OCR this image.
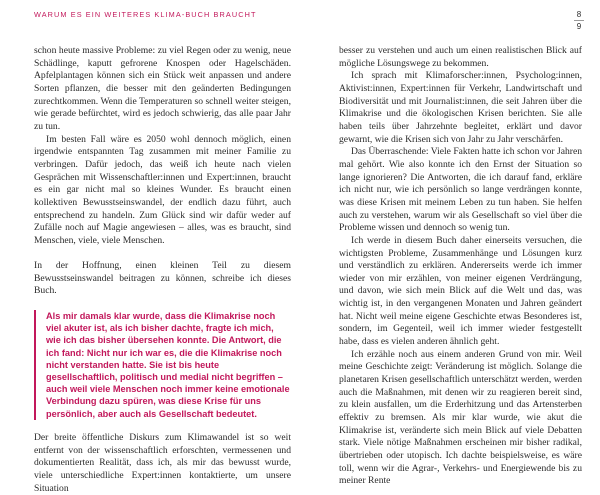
WARUM ES EIN WEITERES KLIMA-BUCH BRAUCHT	8
9

schon heute massive Probleme: zu viel Regen oder zu wenig, neue Schädlinge, kaputt gefrorene Knospen oder Hagelschäden. Apfelplantagen können sich ein Stück weit anpassen und andere Sorten pflanzen, die besser mit den geänderten Bedingungen zurechtkommen. Wenn die Temperaturen so schnell weiter steigen, wie gerade befürchtet, wird es jedoch schwierig, das alle paar Jahr zu tun.

Im besten Fall wäre es 2050 wohl dennoch möglich, einen irgendwie entspannten Tag zusammen mit meiner Familie zu verbringen. Dafür jedoch, das weiß ich heute nach vielen Gesprächen mit Wissenschaftler:innen und Expert:innen, braucht es ein gar nicht mal so kleines Wunder. Es braucht einen kollektiven Bewusstseinswandel, der endlich dazu führt, auch entsprechend zu handeln. Zum Glück sind wir dafür weder auf Zufälle noch auf Magie angewiesen – alles, was es braucht, sind Menschen, viele, viele Menschen.

In der Hoffnung, einen kleinen Teil zu diesem Bewusstseinswandel beitragen zu können, schreibe ich dieses Buch.

Als mir damals klar wurde, dass die Klimakrise noch viel akuter ist, als ich bisher dachte, fragte ich mich, wie ich das bisher übersehen konnte. Die Antwort, die ich fand: Nicht nur ich war es, die die Klimakrise noch nicht verstanden hatte. Sie ist bis heute gesellschaftlich, politisch und medial nicht begriffen – auch weil viele Menschen noch immer keine emotionale Verbindung dazu spüren, was diese Krise für uns persönlich, aber auch als Gesellschaft bedeutet.

Der breite öffentliche Diskurs zum Klimawandel ist so weit entfernt von der wissenschaftlich erforschten, vermessenen und dokumentierten Realität, dass ich, als mir das bewusst wurde, viele unterschiedliche Expert:innen kontaktierte, um unsere Situation

besser zu verstehen und auch um einen realistischen Blick auf mögliche Lösungswege zu bekommen.

Ich sprach mit Klimaforscher:innen, Psycholog:innen, Aktivist:innen, Expert:innen für Verkehr, Landwirtschaft und Biodiversität und mit Journalist:innen, die seit Jahren über die Klimakrise und die ökologischen Krisen berichten. Sie alle haben teils über Jahrzehnte begleitet, erklärt und davor gewarnt, wie die Krisen sich von Jahr zu Jahr verschärfen.

Das Überraschende: Viele Fakten hatte ich schon vor Jahren mal gehört. Wie also konnte ich den Ernst der Situation so lange ignorieren? Die Antworten, die ich darauf fand, erkläre ich nicht nur, wie ich persönlich so lange verdrängen konnte, was diese Krisen mit meinem Leben zu tun haben. Sie helfen auch zu verstehen, warum wir als Gesellschaft so viel über die Probleme wissen und dennoch so wenig tun.

Ich werde in diesem Buch daher einerseits versuchen, die wichtigsten Probleme, Zusammenhänge und Lösungen kurz und verständlich zu erklären. Andererseits werde ich immer wieder von mir erzählen, von meiner eigenen Verdrängung, und davon, wie sich mein Blick auf die Welt und das, was wichtig ist, in den vergangenen Monaten und Jahren geändert hat. Nicht weil meine eigene Geschichte etwas Besonderes ist, sondern, im Gegenteil, weil ich immer wieder festgestellt habe, dass es vielen anderen ähnlich geht.

Ich erzähle noch aus einem anderen Grund von mir. Weil meine Geschichte zeigt: Veränderung ist möglich. Solange die planetaren Krisen gesellschaftlich unterschätzt werden, werden auch die Maßnahmen, mit denen wir zu reagieren bereit sind, zu klein ausfallen, um die Erderhitzung und das Artensterben effektiv zu bremsen. Als mir klar wurde, wie akut die Klimakrise ist, veränderte sich mein Blick auf viele Debatten stark. Viele nötige Maßnahmen erscheinen mir bisher radikal, übertrieben oder utopisch. Ich dachte beispielsweise, es wäre toll, wenn wir die Agrar-, Verkehrs- und Energiewende bis zu meiner Rente
